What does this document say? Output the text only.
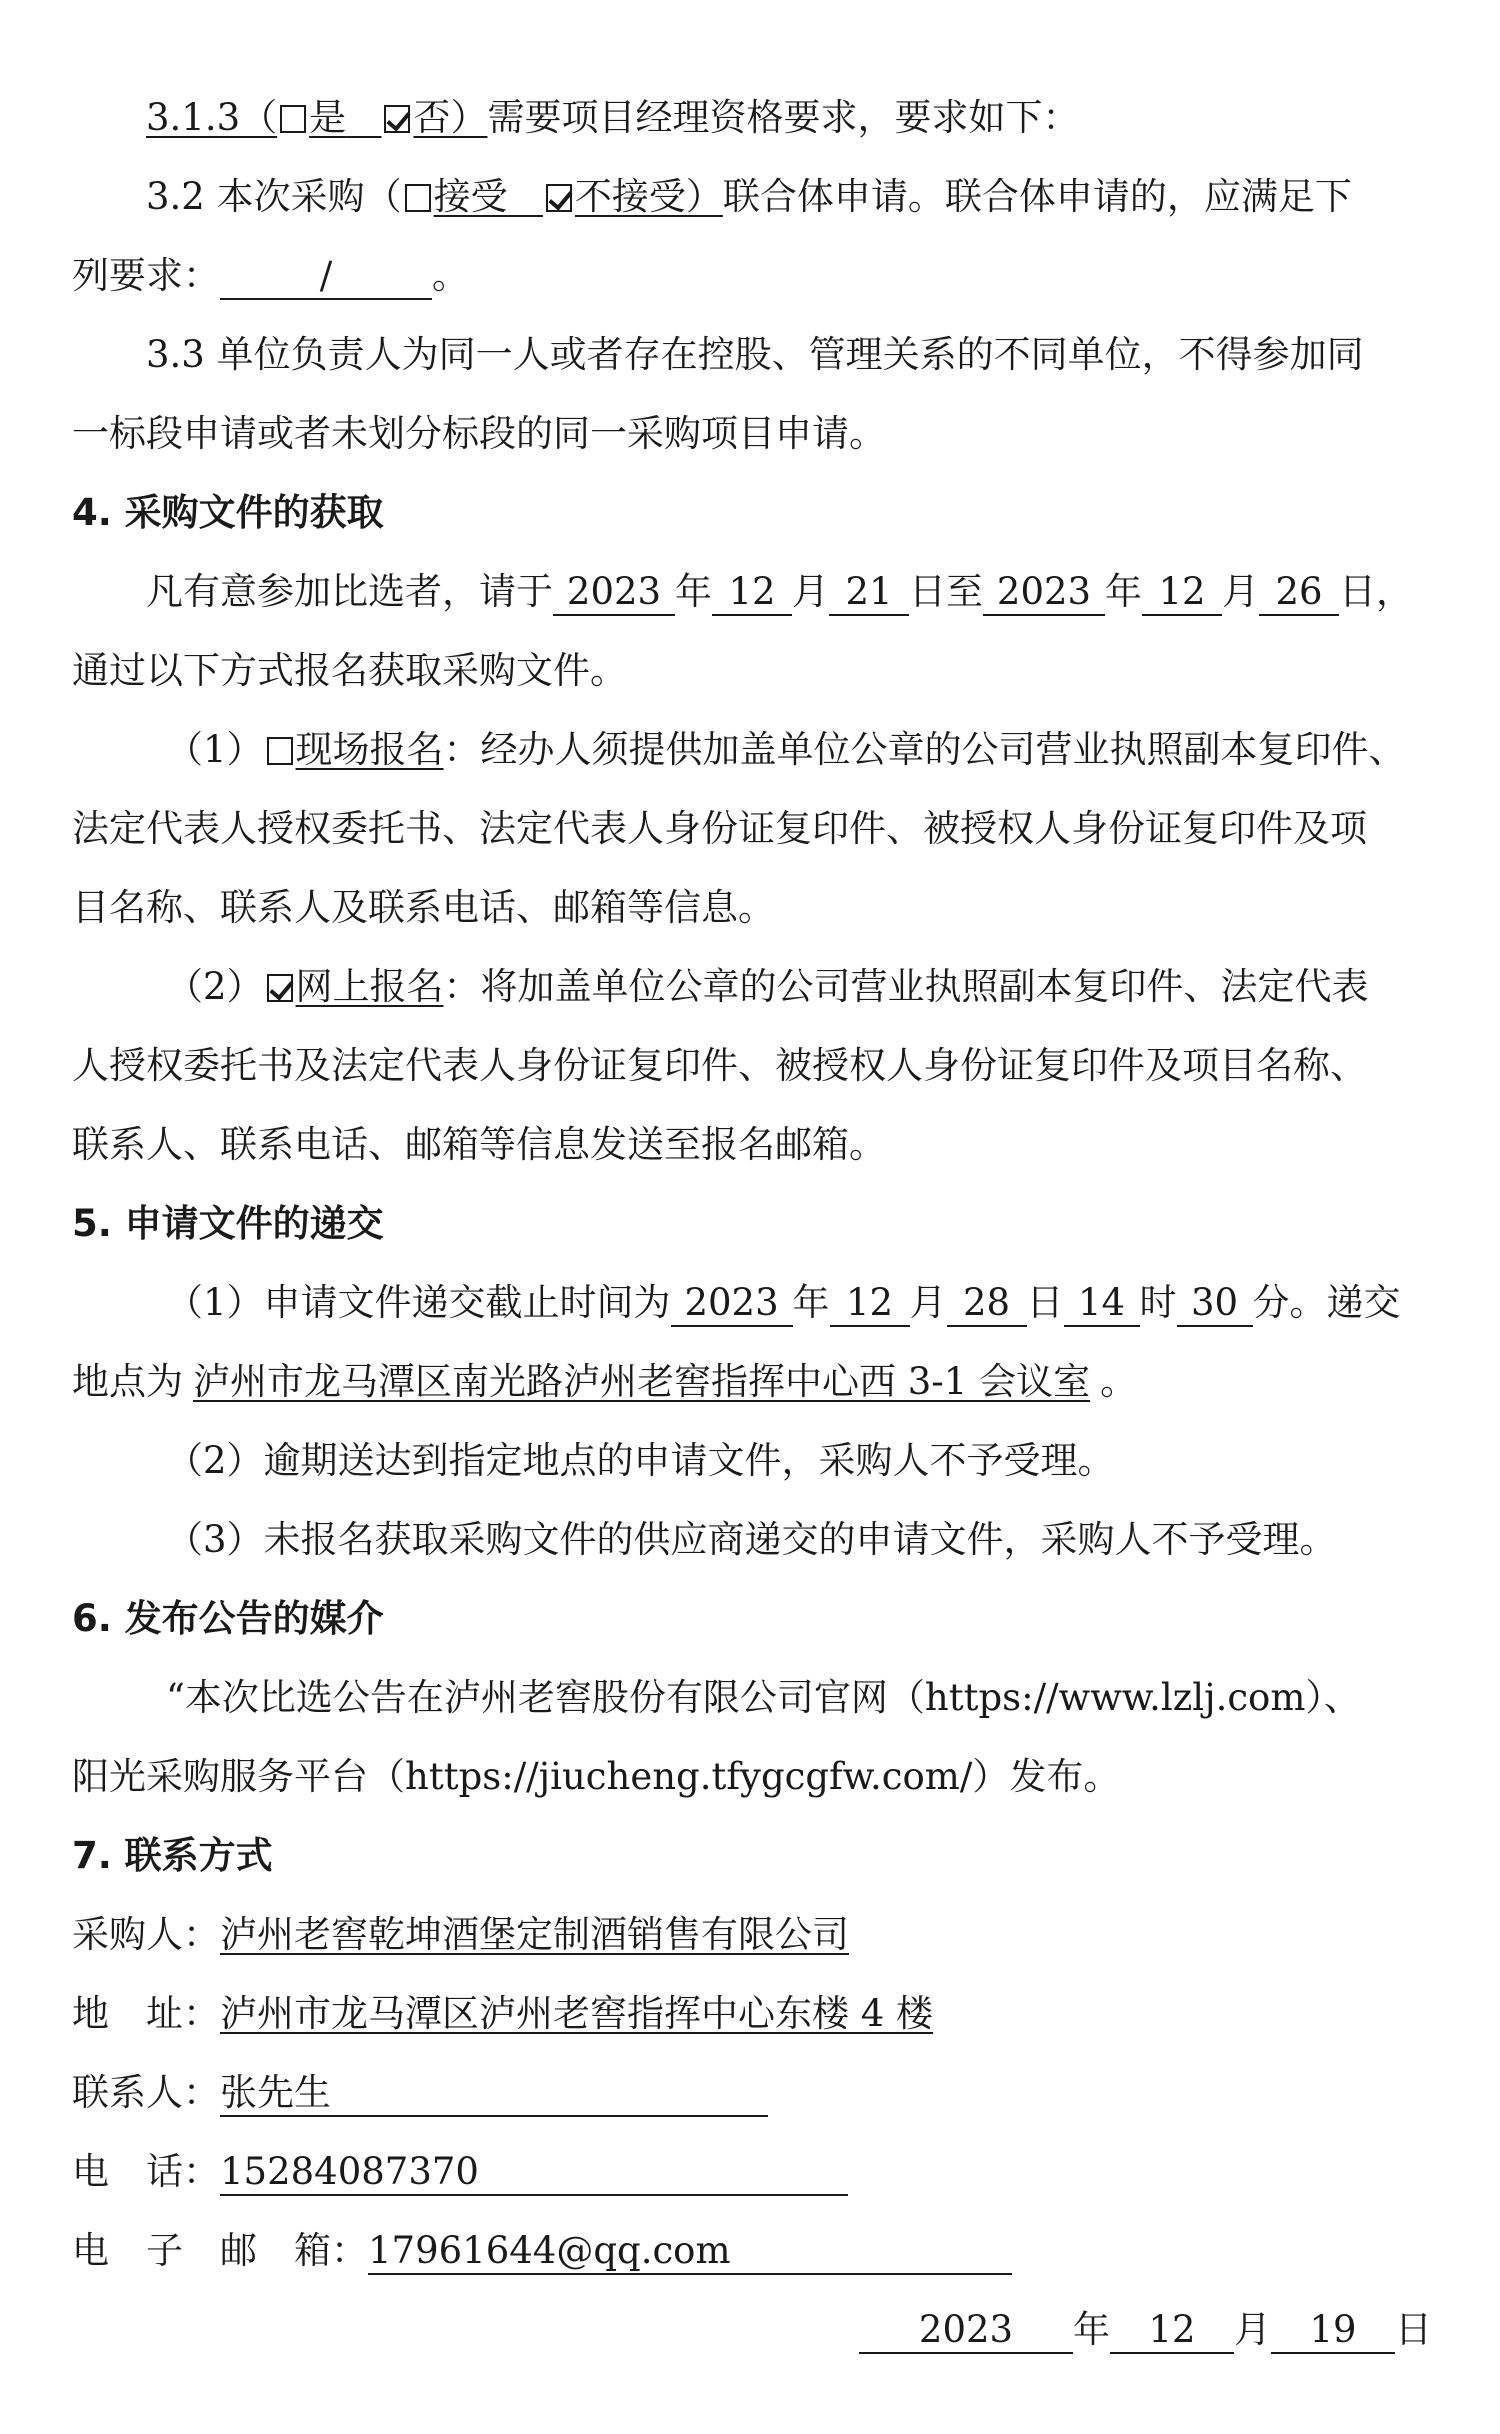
3.1.3（ 是 否）需要项目经理资格要求，要求如下：
3.2 本次采购（ 接受 不接受）联合体申请。联合体申请的，应满足下
列要求：	/	。
3.3 单位负责人为同一人或者存在控股、管理关系的不同单位，不得参加同
一标段申请或者未划分标段的同一采购项目申请。
4. 采购文件的获取
凡有意参加比选者，请于 2023 年 12 月 21 日至 2023 年 12 月 26 日，
通过以下方式报名获取采购文件。
（1） 现场报名：经办人须提供加盖单位公章的公司营业执照副本复印件、
法定代表人授权委托书、法定代表人身份证复印件、被授权人身份证复印件及项
目名称、联系人及联系电话、邮箱等信息。
（2） 网上报名：将加盖单位公章的公司营业执照副本复印件、法定代表
人授权委托书及法定代表人身份证复印件、被授权人身份证复印件及项目名称、
联系人、联系电话、邮箱等信息发送至报名邮箱。
5. 申请文件的递交
（1）申请文件递交截止时间为 2023 年 12 月 28 日 14 时 30 分。递交
地点为 泸州市龙马潭区南光路泸州老窖指挥中心西 3-1 会议室 。
（2）逾期送达到指定地点的申请文件，采购人不予受理。
（3）未报名获取采购文件的供应商递交的申请文件，采购人不予受理。
6. 发布公告的媒介
“本次比选公告在泸州老窖股份有限公司官网（https://www.lzlj.com）、
阳光采购服务平台（https://jiucheng.tfygcgfw.com/）发布。
7. 联系方式
采购人：泸州老窖乾坤酒堡定制酒销售有限公司
地　址：泸州市龙马潭区泸州老窖指挥中心东楼 4 楼
联系人：张先生
电　话：15284087370
电　子　邮　箱：17961644@qq.com
2023 年 12 月 19 日
